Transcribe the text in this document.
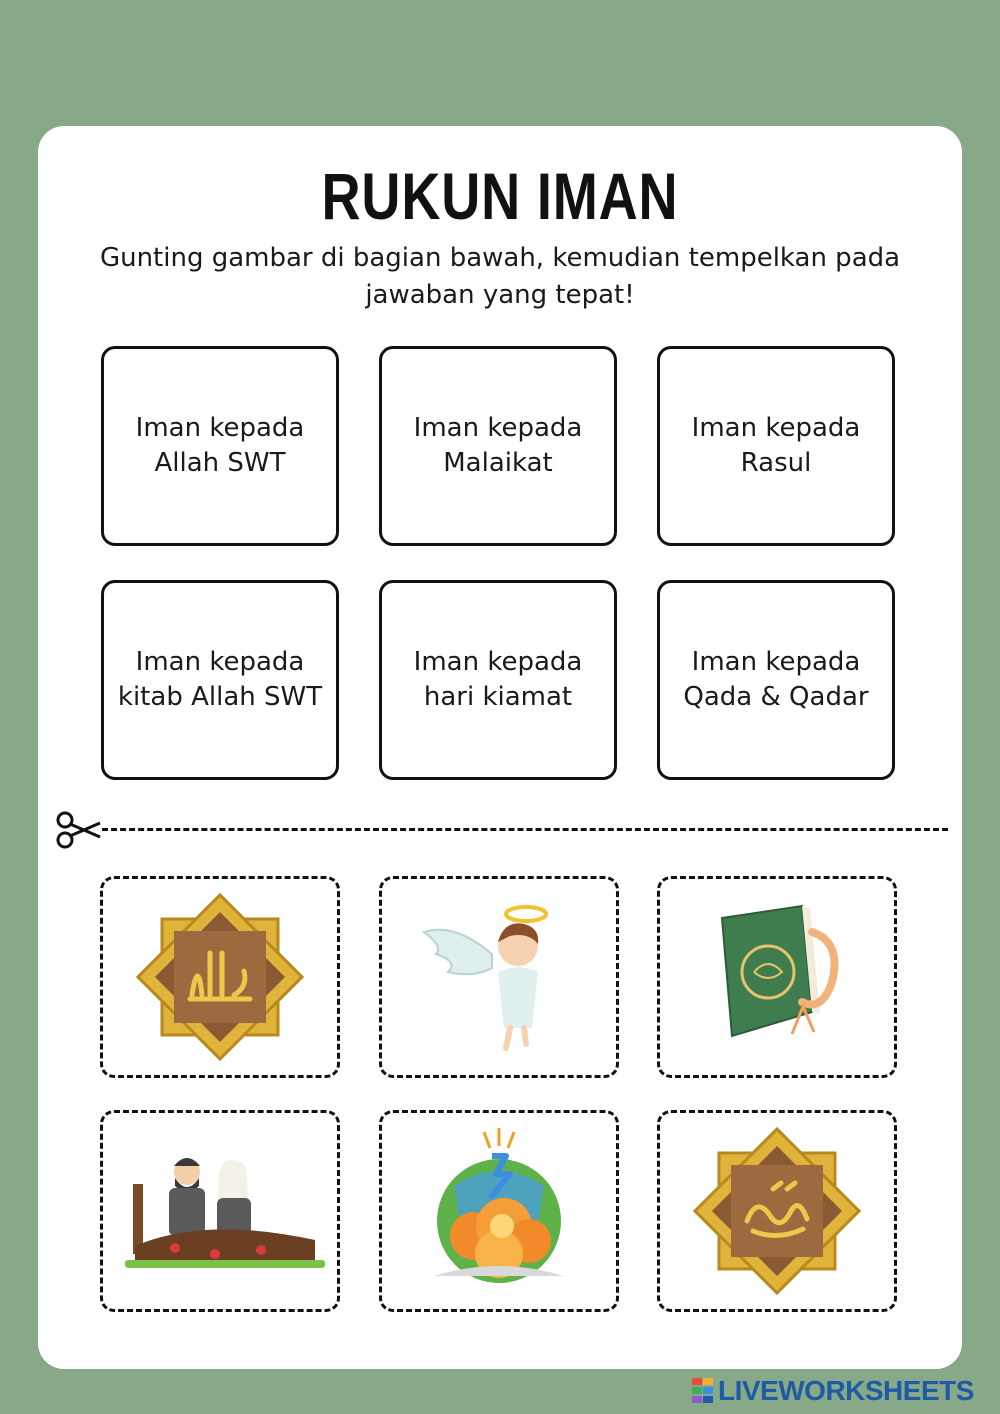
RUKUN IMAN
Gunting gambar di bagian bawah, kemudian tempelkan pada jawaban yang tepat!
Iman kepada
Allah SWT
Iman kepada
Malaikat
Iman kepada
Rasul
Iman kepada
kitab Allah SWT
Iman kepada
hari kiamat
Iman kepada
Qada & Qadar
LIVEWORKSHEETS
